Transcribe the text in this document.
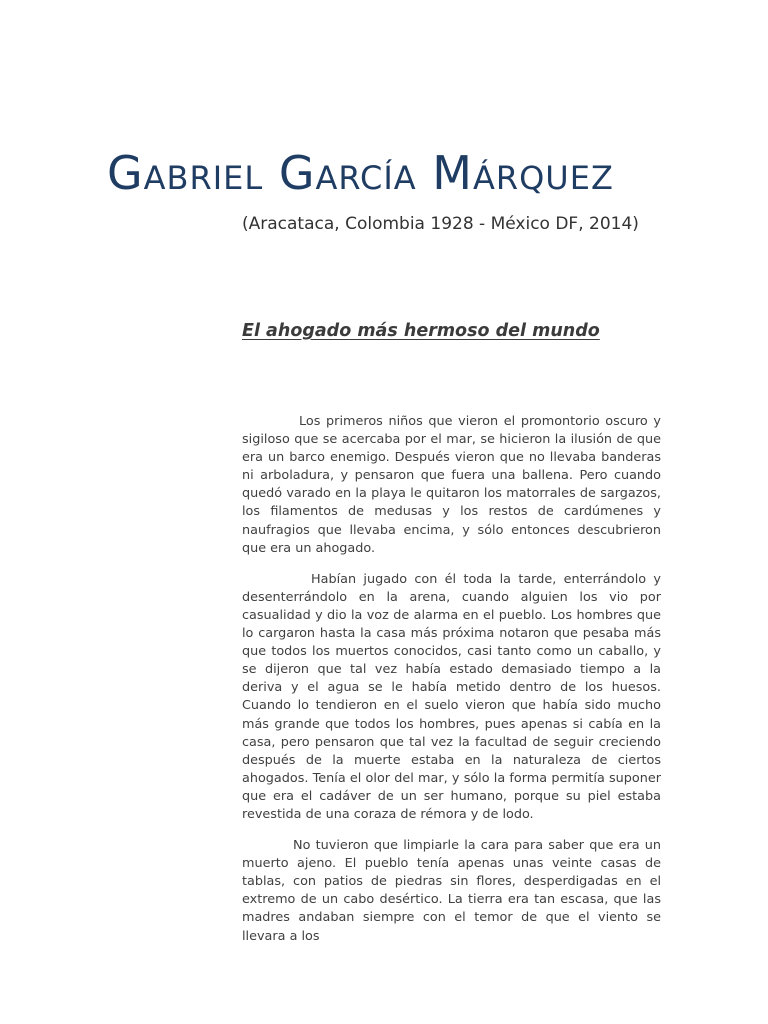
Gabriel García Márquez

(Aracataca, Colombia 1928 - México DF, 2014)

El ahogado más hermoso del mundo

Los primeros niños que vieron el promontorio oscuro y sigiloso que se acercaba por el mar, se hicieron la ilusión de que era un barco enemigo. Después vieron que no llevaba banderas ni arboladura, y pensaron que fuera una ballena. Pero cuando quedó varado en la playa le quitaron los matorrales de sargazos, los filamentos de medusas y los restos de cardúmenes y naufragios que llevaba encima, y sólo entonces descubrieron que era un ahogado.

Habían jugado con él toda la tarde, enterrándolo y desenterrándolo en la arena, cuando alguien los vio por casualidad y dio la voz de alarma en el pueblo. Los hombres que lo cargaron hasta la casa más próxima notaron que pesaba más que todos los muertos conocidos, casi tanto como un caballo, y se dijeron que tal vez había estado demasiado tiempo a la deriva y el agua se le había metido dentro de los huesos. Cuando lo tendieron en el suelo vieron que había sido mucho más grande que todos los hombres, pues apenas si cabía en la casa, pero pensaron que tal vez la facultad de seguir creciendo después de la muerte estaba en la naturaleza de ciertos ahogados. Tenía el olor del mar, y sólo la forma permitía suponer que era el cadáver de un ser humano, porque su piel estaba revestida de una coraza de rémora y de lodo.

No tuvieron que limpiarle la cara para saber que era un muerto ajeno. El pueblo tenía apenas unas veinte casas de tablas, con patios de piedras sin flores, desperdigadas en el extremo de un cabo desértico. La tierra era tan escasa, que las madres andaban siempre con el temor de que el viento se llevara a los
